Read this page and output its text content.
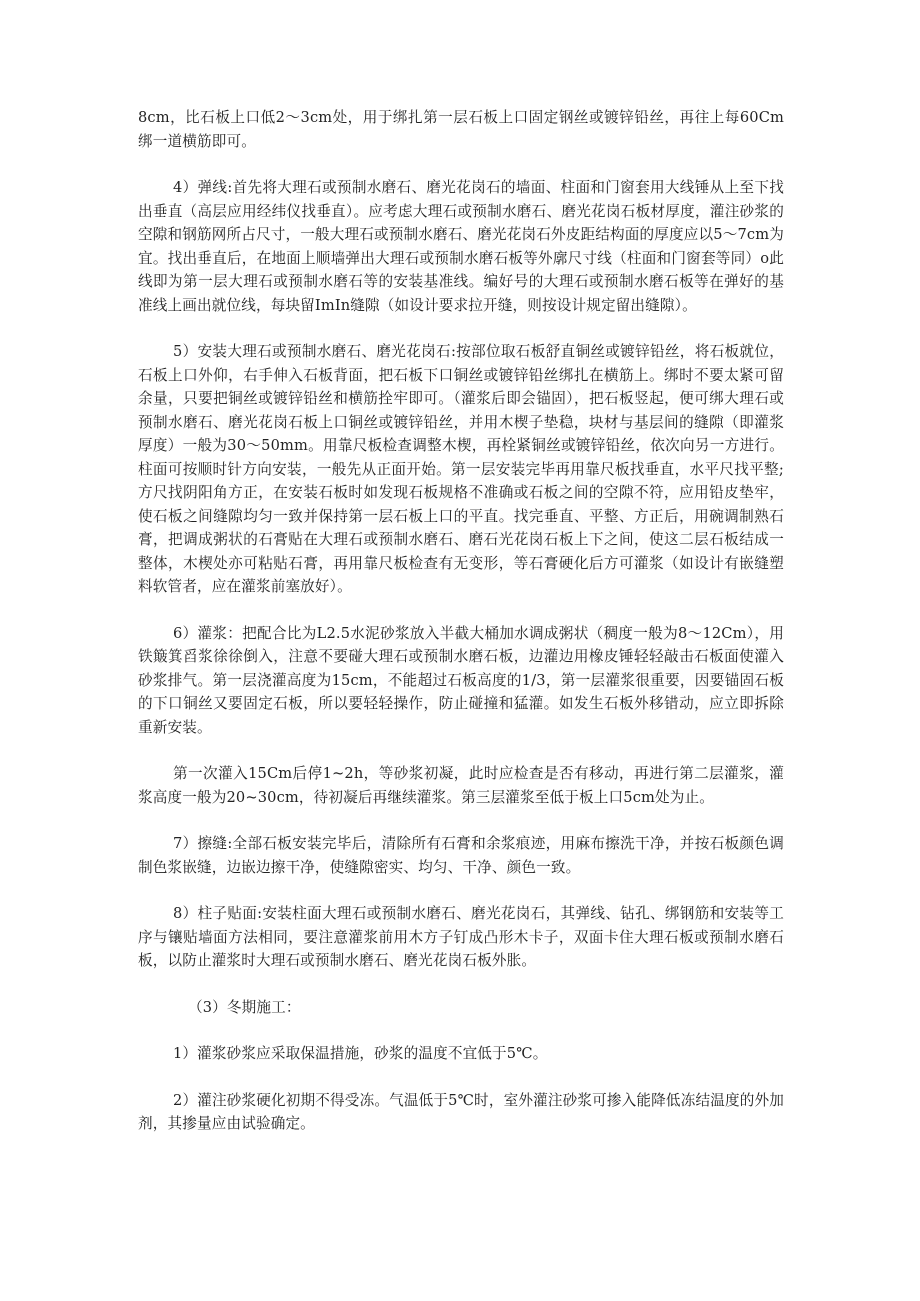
8cm，比石板上口低2～3cm处，用于绑扎第一层石板上口固定钢丝或镀锌铅丝，再往上每60Cm绑一道横筋即可。

4）弹线:首先将大理石或预制水磨石、磨光花岗石的墙面、柱面和门窗套用大线锤从上至下找出垂直（高层应用经纬仪找垂直）。应考虑大理石或预制水磨石、磨光花岗石板材厚度，灌注砂浆的空隙和钢筋网所占尺寸，一般大理石或预制水磨石、磨光花岗石外皮距结构面的厚度应以5～7cm为宜。找出垂直后，在地面上顺墙弹出大理石或预制水磨石板等外廓尺寸线（柱面和门窗套等同）o此线即为第一层大理石或预制水磨石等的安装基准线。编好号的大理石或预制水磨石板等在弹好的基准线上画出就位线，每块留ImIn缝隙（如设计要求拉开缝，则按设计规定留出缝隙）。

5）安装大理石或预制水磨石、磨光花岗石:按部位取石板舒直铜丝或镀锌铅丝，将石板就位，石板上口外仰，右手伸入石板背面，把石板下口铜丝或镀锌铅丝绑扎在横筋上。绑时不要太紧可留余量，只要把铜丝或镀锌铅丝和横筋拴牢即可。（灌浆后即会锚固），把石板竖起，便可绑大理石或预制水磨石、磨光花岗石板上口铜丝或镀锌铅丝，并用木楔子垫稳，块材与基层间的缝隙（即灌浆厚度）一般为30～50mm。用靠尺板检查调整木楔，再栓紧铜丝或镀锌铅丝，依次向另一方进行。柱面可按顺时针方向安装，一般先从正面开始。第一层安装完毕再用靠尺板找垂直，水平尺找平整;方尺找阴阳角方正，在安装石板时如发现石板规格不准确或石板之间的空隙不符，应用铅皮垫牢，使石板之间缝隙均匀一致并保持第一层石板上口的平直。找完垂直、平整、方正后，用碗调制熟石膏，把调成粥状的石膏贴在大理石或预制水磨石、磨石光花岗石板上下之间，使这二层石板结成一整体，木楔处亦可粘贴石膏，再用靠尺板检查有无变形，等石膏硬化后方可灌浆（如设计有嵌缝塑料软管者，应在灌浆前塞放好）。

6）灌浆：把配合比为L2.5水泥砂浆放入半截大桶加水调成粥状（稠度一般为8～12Cm），用铁簸箕舀浆徐徐倒入，注意不要碰大理石或预制水磨石板，边灌边用橡皮锤轻轻敲击石板面使灌入砂浆排气。第一层浇灌高度为15cm，不能超过石板高度的1/3，第一层灌浆很重要，因要锚固石板的下口铜丝又要固定石板，所以要轻轻操作，防止碰撞和猛灌。如发生石板外移错动，应立即拆除重新安装。

第一次灌入15Cm后停1~2h，等砂浆初凝，此时应检查是否有移动，再进行第二层灌浆，灌浆高度一般为20~30cm，待初凝后再继续灌浆。第三层灌浆至低于板上口5cm处为止。

7）擦缝:全部石板安装完毕后，清除所有石膏和余浆痕迹，用麻布擦洗干净，并按石板颜色调制色浆嵌缝，边嵌边擦干净，使缝隙密实、均匀、干净、颜色一致。

8）柱子贴面:安装柱面大理石或预制水磨石、磨光花岗石，其弹线、钻孔、绑钢筋和安装等工序与镶贴墙面方法相同，要注意灌浆前用木方子钉成凸形木卡子，双面卡住大理石板或预制水磨石板，以防止灌浆时大理石或预制水磨石、磨光花岗石板外胀。

（3）冬期施工：

1）灌浆砂浆应采取保温措施，砂浆的温度不宜低于5℃。

2）灌注砂浆硬化初期不得受冻。气温低于5℃时，室外灌注砂浆可掺入能降低冻结温度的外加剂，其掺量应由试验确定。
